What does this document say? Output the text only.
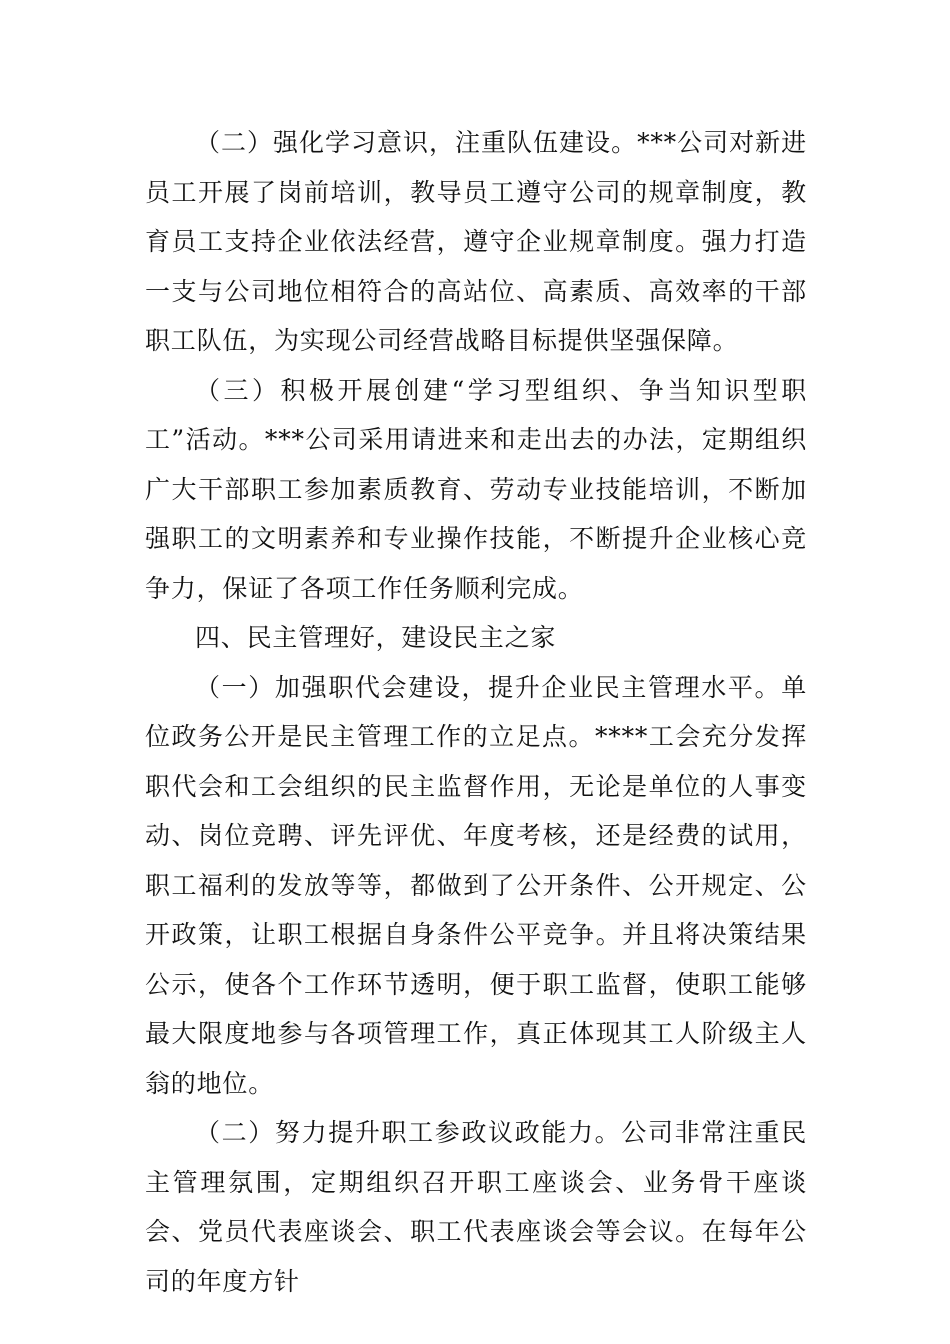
（二）强化学习意识，注重队伍建设。***公司对新进员工开展了岗前培训，教导员工遵守公司的规章制度，教育员工支持企业依法经营，遵守企业规章制度。强力打造一支与公司地位相符合的高站位、高素质、高效率的干部职工队伍，为实现公司经营战略目标提供坚强保障。

（三）积极开展创建“学习型组织、争当知识型职工”活动。***公司采用请进来和走出去的办法，定期组织广大干部职工参加素质教育、劳动专业技能培训，不断加强职工的文明素养和专业操作技能，不断提升企业核心竞争力，保证了各项工作任务顺利完成。

四、民主管理好，建设民主之家

（一）加强职代会建设，提升企业民主管理水平。单位政务公开是民主管理工作的立足点。****工会充分发挥职代会和工会组织的民主监督作用，无论是单位的人事变动、岗位竞聘、评先评优、年度考核，还是经费的试用，职工福利的发放等等，都做到了公开条件、公开规定、公开政策，让职工根据自身条件公平竞争。并且将决策结果公示，使各个工作环节透明，便于职工监督，使职工能够最大限度地参与各项管理工作，真正体现其工人阶级主人翁的地位。

（二）努力提升职工参政议政能力。公司非常注重民主管理氛围，定期组织召开职工座谈会、业务骨干座谈会、党员代表座谈会、职工代表座谈会等会议。在每年公司的年度方针
